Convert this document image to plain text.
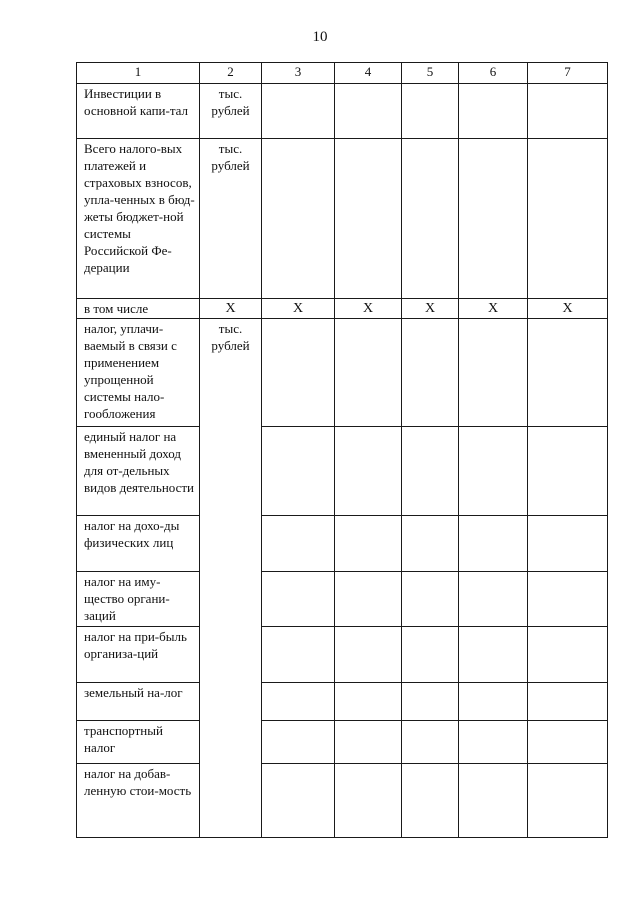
10
1	2	3	4	5	6	7
Инвестиции в основной капи-тал	тыс. рублей					

Всего налого-вых платежей и страховых взносов, упла-ченных в бюд-жеты бюджет-ной системы Российской Фе-дерации	тыс. рублей					

в том числе	X	X	X	X	X	X
налог, уплачи-ваемый в связи с применением упрощенной системы нало-гообложения	тыс. рублей					

единый налог на вмененный доход для от-дельных видов деятельности						
налог на дохо-ды физических лиц						
налог на иму-щество органи-заций						
налог на при-быль организа-ций						
земельный на-лог						
транспортный налог						
налог на добав-ленную стои-мость						
